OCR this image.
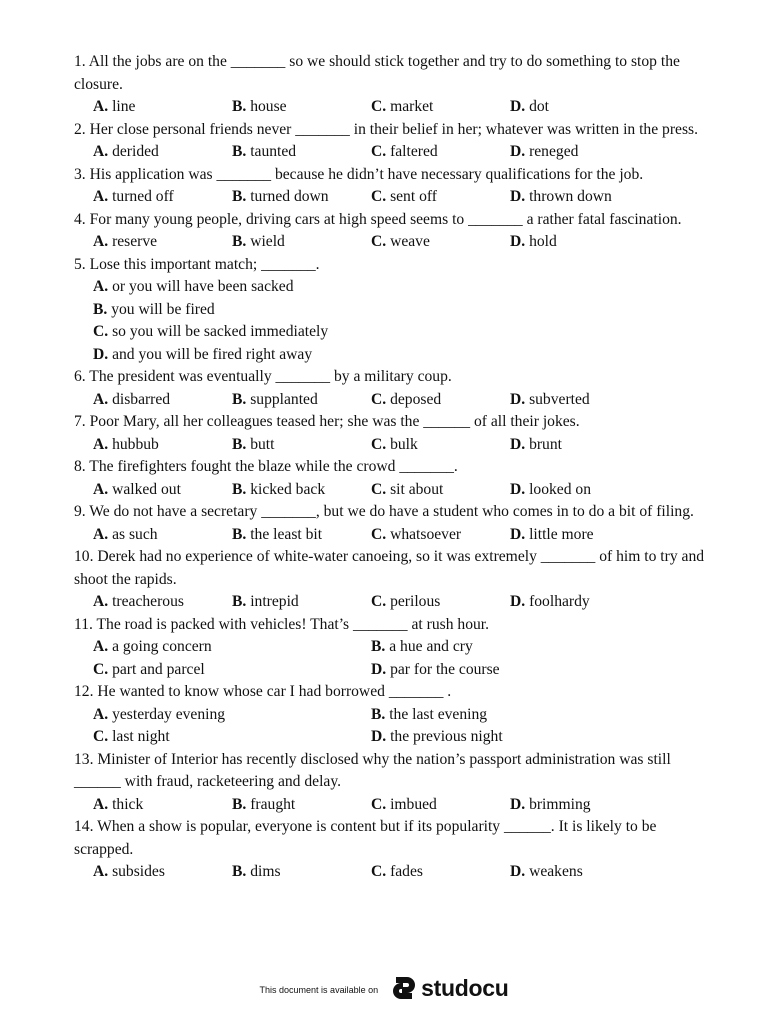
1. All the jobs are on the _______ so we should stick together and try to do something to stop the closure.

A. line	B. house	C. market	D. dot

2. Her close personal friends never _______ in their belief in her; whatever was written in the press.

A. derided	B. taunted	C. faltered	D. reneged

3. His application was _______ because he didn’t have necessary qualifications for the job.

A. turned off	B. turned down	C. sent off	D. thrown down

4. For many young people, driving cars at high speed seems to _______ a rather fatal fascination.

A. reserve	B. wield	C. weave	D. hold

5. Lose this important match; _______.

A. or you will have been sacked
B. you will be fired
C. so you will be sacked immediately
D. and you will be fired right away

6. The president was eventually _______ by a military coup.

A. disbarred	B. supplanted	C. deposed	D. subverted

7. Poor Mary, all her colleagues teased her; she was the ______ of all their jokes.

A. hubbub	B. butt	C. bulk	D. brunt

8. The firefighters fought the blaze while the crowd _______.

A. walked out	B. kicked back	C. sit about	D. looked on

9. We do not have a secretary _______, but we do have a student who comes in to do a bit of filing.

A. as such	B. the least bit	C. whatsoever	D. little more

10. Derek had no experience of white-water canoeing, so it was extremely _______ of him to try and shoot the rapids.

A. treacherous	B. intrepid	C. perilous	D. foolhardy

11. The road is packed with vehicles! That’s _______ at rush hour.

A. a going concern	B. a hue and cry
C. part and parcel	D. par for the course

12. He wanted to know whose car I had borrowed _______ .

A. yesterday evening	B. the last evening
C. last night	D. the previous night

13. Minister of Interior has recently disclosed why the nation’s passport administration was still ______ with fraud, racketeering and delay.

A. thick	B. fraught	C. imbued	D. brimming

14. When a show is popular, everyone is content but if its popularity ______. It is likely to be scrapped.

A. subsides	B. dims	C. fades	D. weakens
This document is available on studocu
